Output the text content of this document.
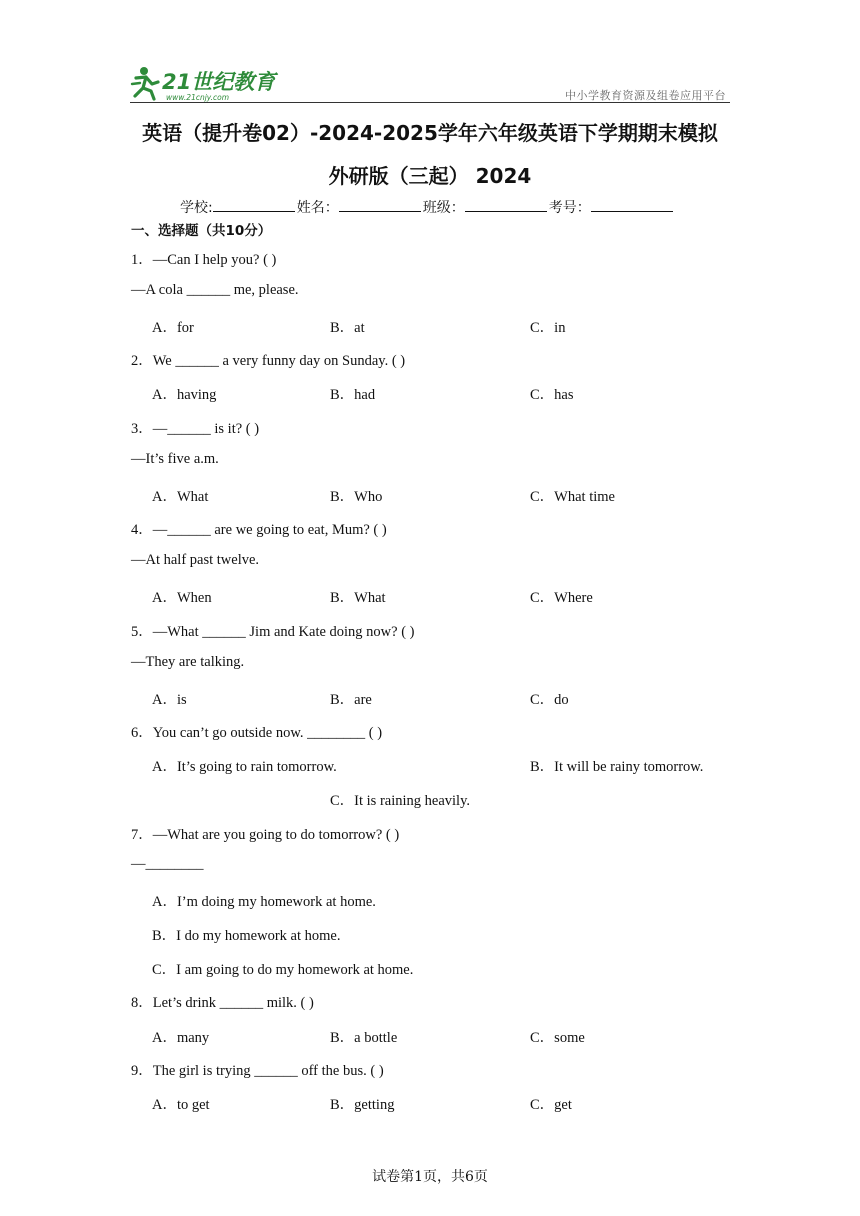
21世纪教育
www.21cnjy.com	中小学教育资源及组卷应用平台
英语（提升卷02）-2024-2025学年六年级英语下学期期末模拟
外研版（三起） 2024
学校:	姓名：	班级：	考号：
一、选择题（共10分）
1．—Can I help you? ( )
—A cola ______ me, please.
A．for	B．at	C．in
2．We ______ a very funny day on Sunday. ( )
A．having	B．had	C．has
3．—______ is it? ( )
—It’s five a.m.
A．What	B．Who	C．What time
4．—______ are we going to eat, Mum? ( )
—At half past twelve.
A．When	B．What	C．Where
5．—What ______ Jim and Kate doing now? ( )
—They are talking.
A．is	B．are	C．do
6．You can’t go outside now. ________ ( )
A．It’s going to rain tomorrow.	B．It will be rainy tomorrow.
C．It is raining heavily.
7．—What are you going to do tomorrow? ( )
—________
A．I’m doing my homework at home.
B．I do my homework at home.
C．I am going to do my homework at home.
8．Let’s drink ______ milk. ( )
A．many	B．a bottle	C．some
9．The girl is trying ______ off the bus. ( )
A．to get	B．getting	C．get
试卷第1页，共6页
